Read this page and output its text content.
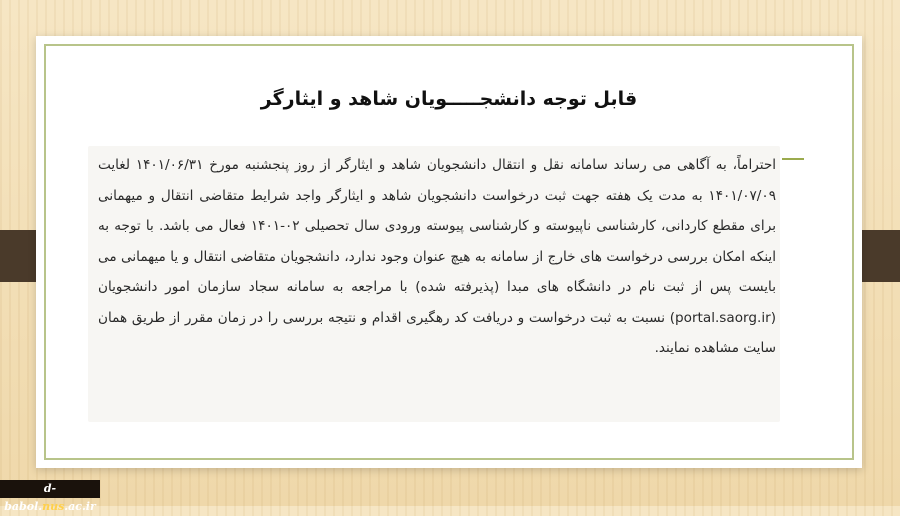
قابل توجه دانشجـــــویان شاهد و ایثارگر
احتراماً، به آگاهی می رساند سامانه نقل و انتقال دانشجویان شاهد و ایثارگر از روز پنجشنبه مورخ ۱۴۰۱/۰۶/۳۱ لغایت ۱۴۰۱/۰۷/۰۹ به مدت یک هفته جهت ثبت درخواست دانشجویان شاهد و ایثارگر واجد شرایط متقاضی انتقال و میهمانی برای مقطع کاردانی، کارشناسی ناپیوسته و کارشناسی پیوسته ورودی سال تحصیلی ۰۲-۱۴۰۱ فعال می باشد. با توجه به اینکه امکان بررسی درخواست های خارج از سامانه به هیچ عنوان وجود ندارد، دانشجویان متقاضی انتقال و یا میهمانی می بایست پس از ثبت نام در دانشگاه های مبدا (پذیرفته شده) با مراجعه به سامانه سجاد سازمان امور دانشجویان (portal.saorg.ir) نسبت به ثبت درخواست و دریافت کد رهگیری اقدام و نتیجه بررسی را در زمان مقرر از طریق همان سایت مشاهده نمایند.
d-babol.nus.ac.ir
